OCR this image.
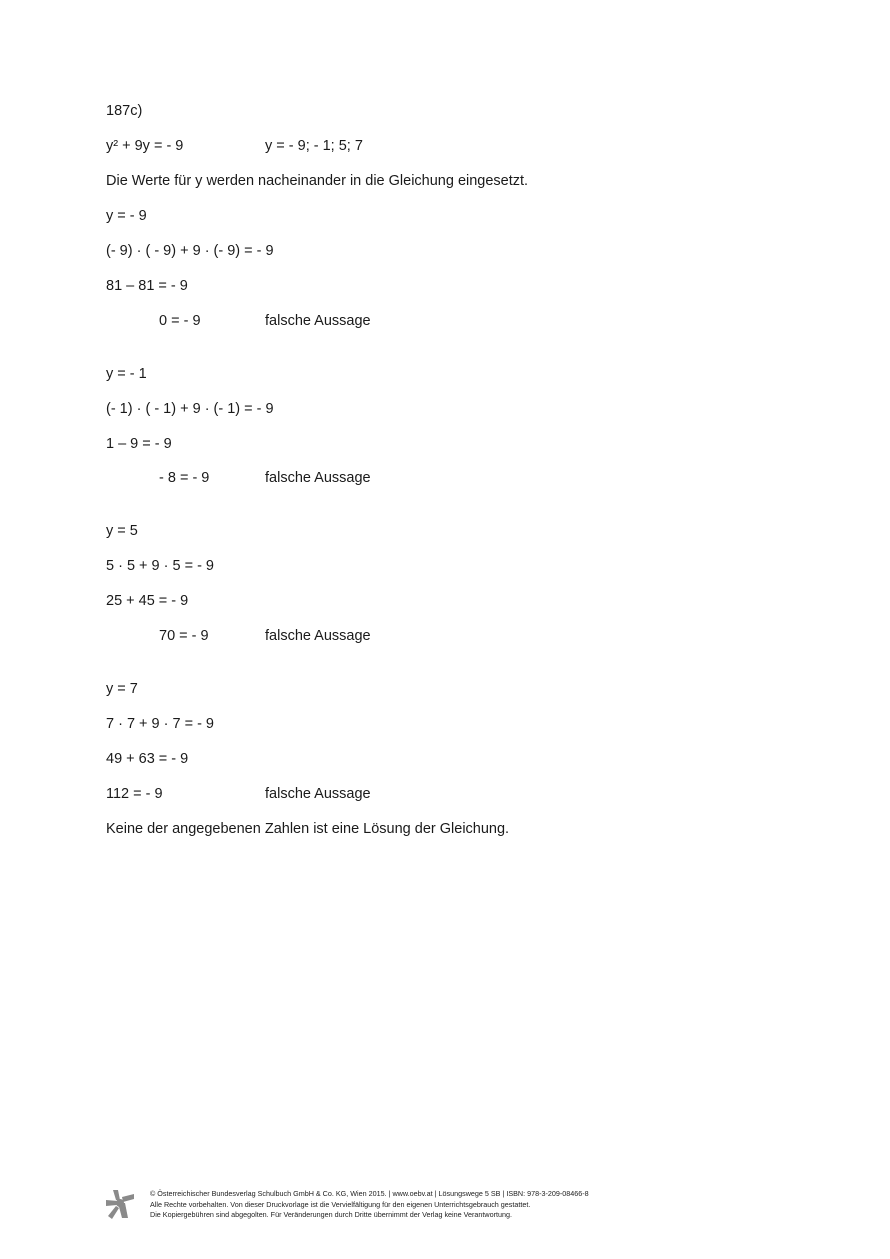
187c)
y² + 9y = - 9	y = - 9; - 1; 5; 7
Die Werte für y werden nacheinander in die Gleichung eingesetzt.
y = - 9
(- 9) · ( - 9) + 9 · (- 9) = - 9
81 – 81 = - 9
0 = - 9	falsche Aussage
y = - 1
(- 1) · ( - 1) + 9 · (- 1) = - 9
1 – 9 = - 9
- 8 = - 9	falsche Aussage
y = 5
5 · 5 + 9 · 5 = - 9
25 + 45 = - 9
70 = - 9	falsche Aussage
y = 7
7 · 7 + 9 · 7 = - 9
49 + 63 = - 9
112 = - 9	falsche Aussage
Keine der angegebenen Zahlen ist eine Lösung der Gleichung.
© Österreichischer Bundesverlag Schulbuch GmbH & Co. KG, Wien 2015. | www.oebv.at | Lösungswege 5 SB | ISBN: 978-3-209-08466-8
Alle Rechte vorbehalten. Von dieser Druckvorlage ist die Vervielfältigung für den eigenen Unterrichtsgebrauch gestattet.
Die Kopiergebühren sind abgegolten. Für Veränderungen durch Dritte übernimmt der Verlag keine Verantwortung.
